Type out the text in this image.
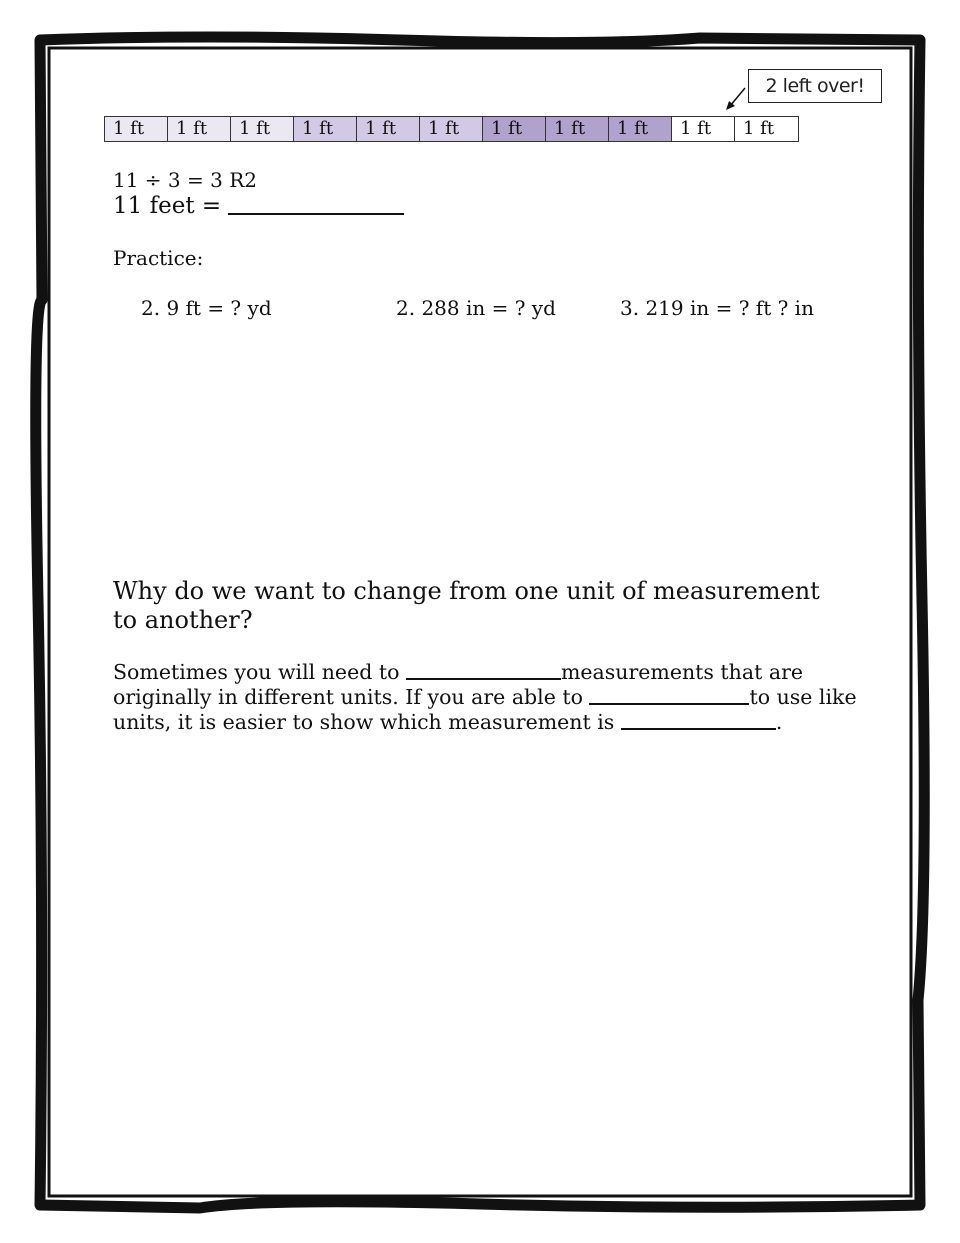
2 left over!
1 ft	1 ft	1 ft	1 ft	1 ft	1 ft	1 ft	1 ft	1 ft	1 ft	1 ft

11 ÷ 3 = 3 R2

11 feet =

Practice:

2. 9 ft = ? yd	2. 288 in = ? yd	3. 219 in = ? ft ? in

Why do we want to change from one unit of measurement to another?

Sometimes you will need to	measurements that are
originally in different units. If you are able to	to use like
units, it is easier to show which measurement is	.
